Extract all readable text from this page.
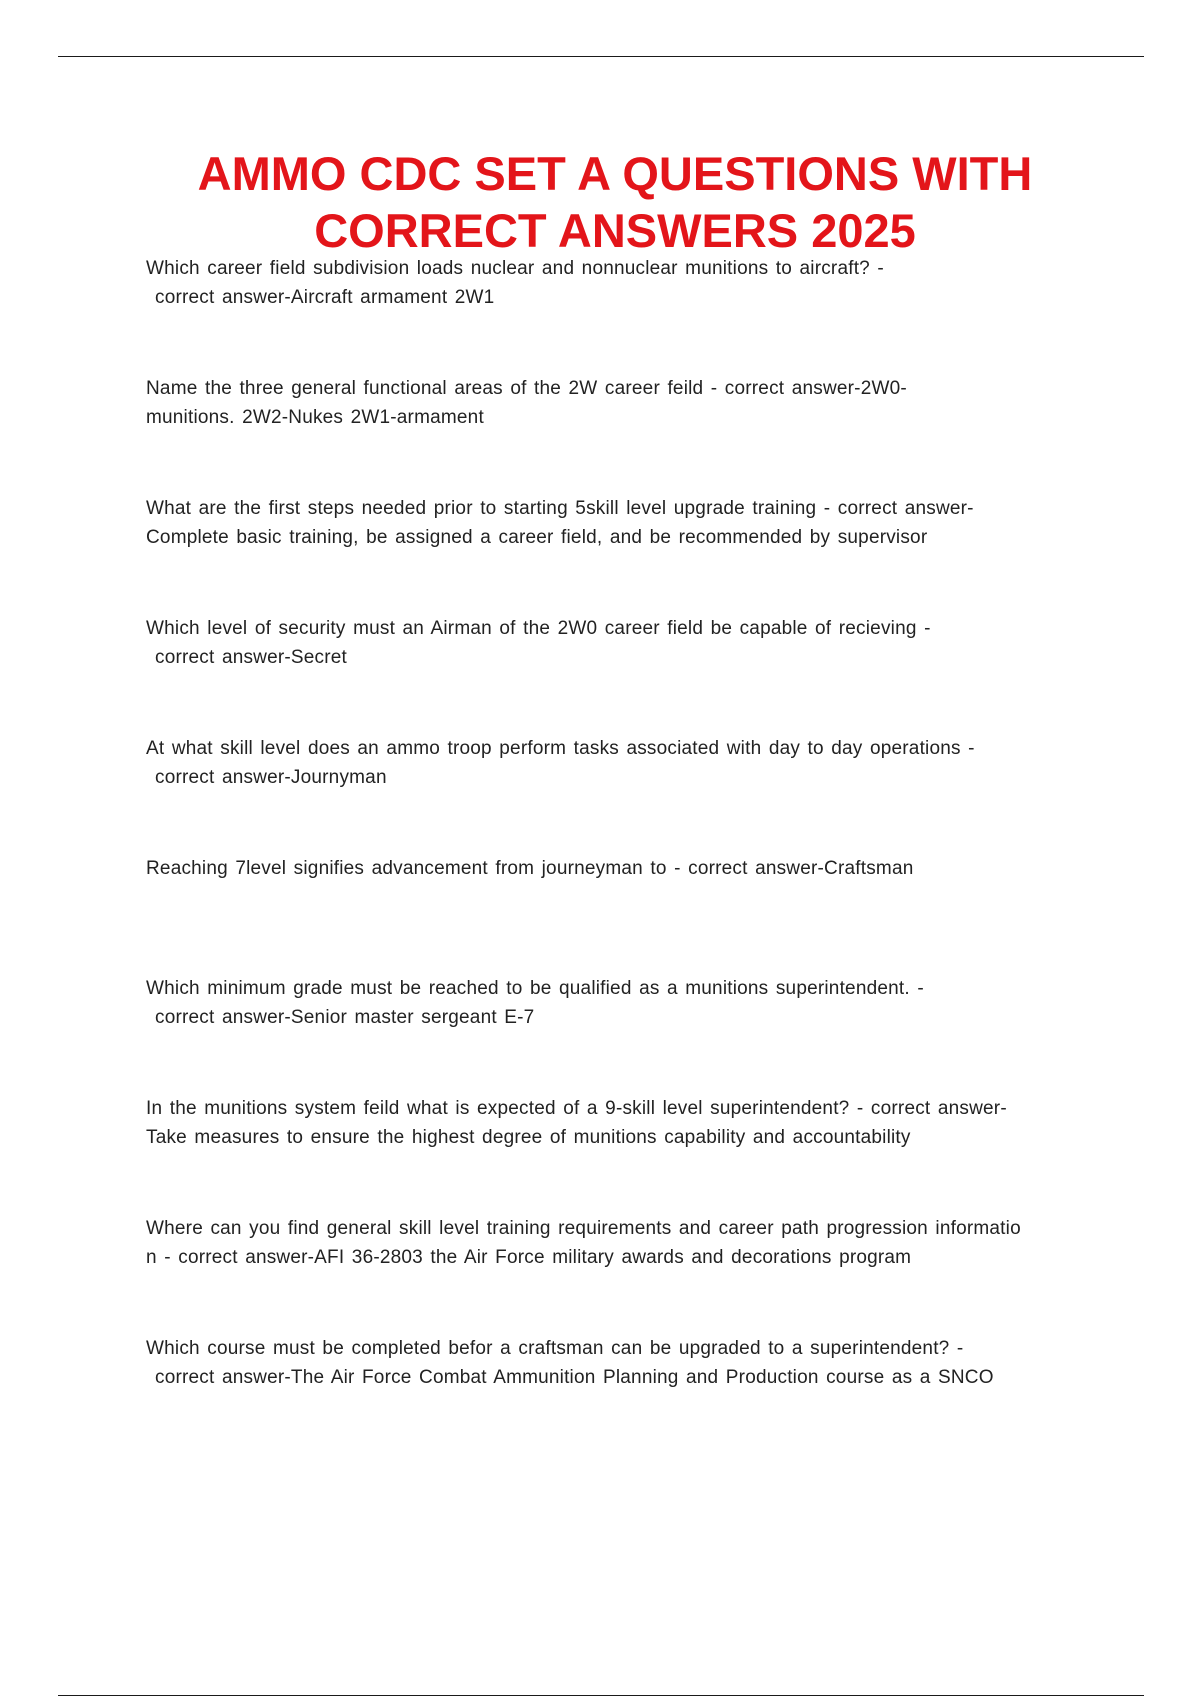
AMMO CDC SET A QUESTIONS WITH
CORRECT ANSWERS 2025
Which career field subdivision loads nuclear and nonnuclear munitions to aircraft? -
correct answer-Aircraft armament 2W1
Name the three general functional areas of the 2W career feild - correct answer-2W0-
munitions. 2W2-Nukes 2W1-armament
What are the first steps needed prior to starting 5skill level upgrade training - correct answer-
Complete basic training, be assigned a career field, and be recommended by supervisor
Which level of security must an Airman of the 2W0 career field be capable of recieving -
correct answer-Secret
At what skill level does an ammo troop perform tasks associated with day to day operations -
correct answer-Journyman
Reaching 7level signifies advancement from journeyman to - correct answer-Craftsman
Which minimum grade must be reached to be qualified as a munitions superintendent. -
correct answer-Senior master sergeant E-7
In the munitions system feild what is expected of a 9-skill level superintendent? - correct answer-
Take measures to ensure the highest degree of munitions capability and accountability
Where can you find general skill level training requirements and career path progression informatio
n - correct answer-AFI 36-2803 the Air Force military awards and decorations program
Which course must be completed befor a craftsman can be upgraded to a superintendent? -
correct answer-The Air Force Combat Ammunition Planning and Production course as a SNCO
